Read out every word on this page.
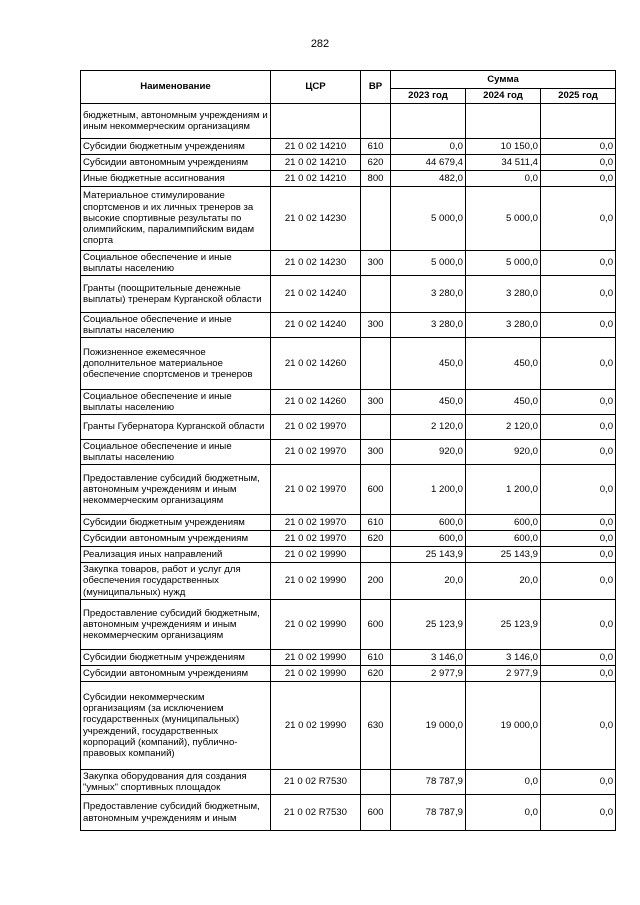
282
Наименование	ЦСР	ВР	Сумма		
			2023 год	2024 год	2025 год
бюджетным, автономным учреждениям и иным некоммерческим организациям					
Субсидии бюджетным учреждениям	21 0 02 14210	610	0,0	10 150,0	0,0
Субсидии автономным учреждениям	21 0 02 14210	620	44 679,4	34 511,4	0,0
Иные бюджетные ассигнования	21 0 02 14210	800	482,0	0,0	0,0
Материальное стимулирование спортсменов и их личных тренеров за высокие спортивные результаты по олимпийским, паралимпийским видам спорта	21 0 02 14230		5 000,0	5 000,0	0,0
Социальное обеспечение и иные выплаты населению	21 0 02 14230	300	5 000,0	5 000,0	0,0
Гранты (поощрительные денежные выплаты) тренерам Курганской области	21 0 02 14240		3 280,0	3 280,0	0,0
Социальное обеспечение и иные выплаты населению	21 0 02 14240	300	3 280,0	3 280,0	0,0
Пожизненное ежемесячное дополнительное материальное обеспечение спортсменов и тренеров	21 0 02 14260		450,0	450,0	0,0
Социальное обеспечение и иные выплаты населению	21 0 02 14260	300	450,0	450,0	0,0
Гранты Губернатора Курганской области	21 0 02 19970		2 120,0	2 120,0	0,0
Социальное обеспечение и иные выплаты населению	21 0 02 19970	300	920,0	920,0	0,0
Предоставление субсидий бюджетным, автономным учреждениям и иным некоммерческим организациям	21 0 02 19970	600	1 200,0	1 200,0	0,0
Субсидии бюджетным учреждениям	21 0 02 19970	610	600,0	600,0	0,0
Субсидии автономным учреждениям	21 0 02 19970	620	600,0	600,0	0,0
Реализация иных направлений	21 0 02 19990		25 143,9	25 143,9	0,0
Закупка товаров, работ и услуг для обеспечения государственных (муниципальных) нужд	21 0 02 19990	200	20,0	20,0	0,0
Предоставление субсидий бюджетным, автономным учреждениям и иным некоммерческим организациям	21 0 02 19990	600	25 123,9	25 123,9	0,0
Субсидии бюджетным учреждениям	21 0 02 19990	610	3 146,0	3 146,0	0,0
Субсидии автономным учреждениям	21 0 02 19990	620	2 977,9	2 977,9	0,0
Субсидии некоммерческим организациям (за исключением государственных (муниципальных) учреждений, государственных корпораций (компаний), публично-правовых компаний)	21 0 02 19990	630	19 000,0	19 000,0	0,0
Закупка оборудования для создания "умных" спортивных площадок	21 0 02 R7530		78 787,9	0,0	0,0
Предоставление субсидий бюджетным, автономным учреждениям и иным	21 0 02 R7530	600	78 787,9	0,0	0,0
